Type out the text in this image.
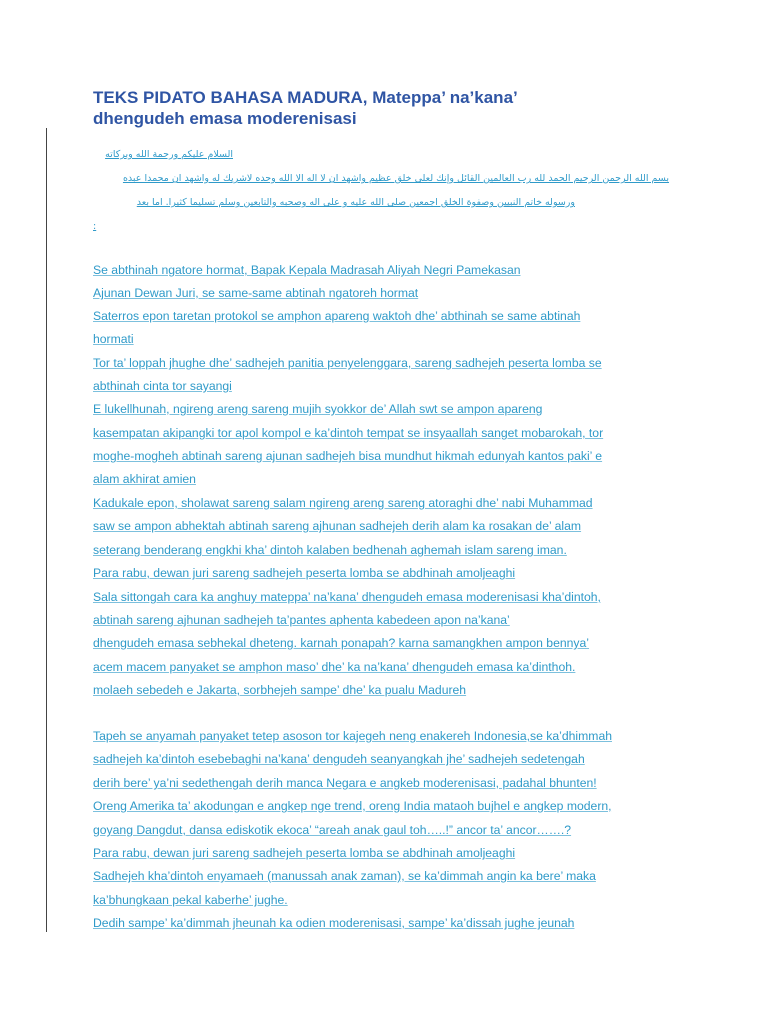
TEKS PIDATO BAHASA MADURA, Mateppa’ na’kana’
dhengudeh emasa moderenisasi
السلام عليكم ورحمة الله وبركاته
بسم الله الرحمن الرحيم الحمد لله رب العالمين القائل وإنك لعلى خلق عظيم واشهد ان لا اله الا الله وحده لاشريك له واشهد ان محمدا عبده
ورسوله خاتم النبيين وصفوة الخلق اجمعين صلى الله عليه و على اله وصحبه والتابعين وسلم تسليما كثيرا. اما بعد
:
Se abthinah ngatore hormat, Bapak Kepala Madrasah Aliyah Negri Pamekasan
Ajunan Dewan Juri, se same-same abtinah ngatoreh hormat
Saterros epon taretan protokol se amphon apareng waktoh dhe’ abthinah se same abtinah
hormati
Tor ta’ loppah jhughe dhe’ sadhejeh panitia penyelenggara, sareng sadhejeh peserta lomba se
abthinah cinta tor sayangi
E lukellhunah, ngireng areng sareng mujih syokkor de’ Allah swt se ampon apareng
kasempatan akipangki tor apol kompol e ka’dintoh tempat se insyaallah sanget mobarokah, tor
moghe-mogheh abtinah sareng ajunan sadhejeh bisa mundhut hikmah edunyah kantos paki’ e
alam akhirat amien
Kadukale epon, sholawat sareng salam ngireng areng sareng atoraghi dhe’ nabi Muhammad
saw se ampon abhektah abtinah sareng ajhunan sadhejeh derih alam ka rosakan de’ alam
seterang benderang engkhi kha’ dintoh kalaben bedhenah aghemah islam sareng iman.
Para rabu, dewan juri sareng sadhejeh peserta lomba se abdhinah amoljeaghi
Sala sittongah cara ka anghuy mateppa’ na’kana’ dhengudeh emasa moderenisasi kha’dintoh,
abtinah sareng ajhunan sadhejeh ta’pantes aphenta kabedeen apon na’kana’
dhengudeh emasa sebhekal dheteng. karnah ponapah? karna samangkhen ampon bennya’
acem macem panyaket se amphon maso’ dhe’ ka na’kana’ dhengudeh emasa ka’dinthoh.
molaeh sebedeh e Jakarta, sorbhejeh sampe’ dhe’ ka pualu Madureh
Tapeh se anyamah panyaket tetep asoson tor kajegeh neng enakereh Indonesia,se ka’dhimmah
sadhejeh ka’dintoh esebebaghi na’kana’ dengudeh seanyangkah jhe’ sadhejeh sedetengah
derih bere’ ya’ni sedethengah derih manca Negara e angkeb moderenisasi, padahal bhunten!
Oreng Amerika ta’ akodungan e angkep nge trend, oreng India mataoh bujhel e angkep modern,
goyang Dangdut, dansa ediskotik ekoca’ “areah anak gaul toh…..!” ancor ta’ ancor…….?
Para rabu, dewan juri sareng sadhejeh peserta lomba se abdhinah amoljeaghi
Sadhejeh kha’dintoh enyamaeh (manussah anak zaman), se ka’dimmah angin ka bere’ maka
ka’bhungkaan pekal kaberhe’ jughe.
Dedih sampe’ ka’dimmah jheunah ka odien moderenisasi, sampe’ ka’dissah jughe jeunah
